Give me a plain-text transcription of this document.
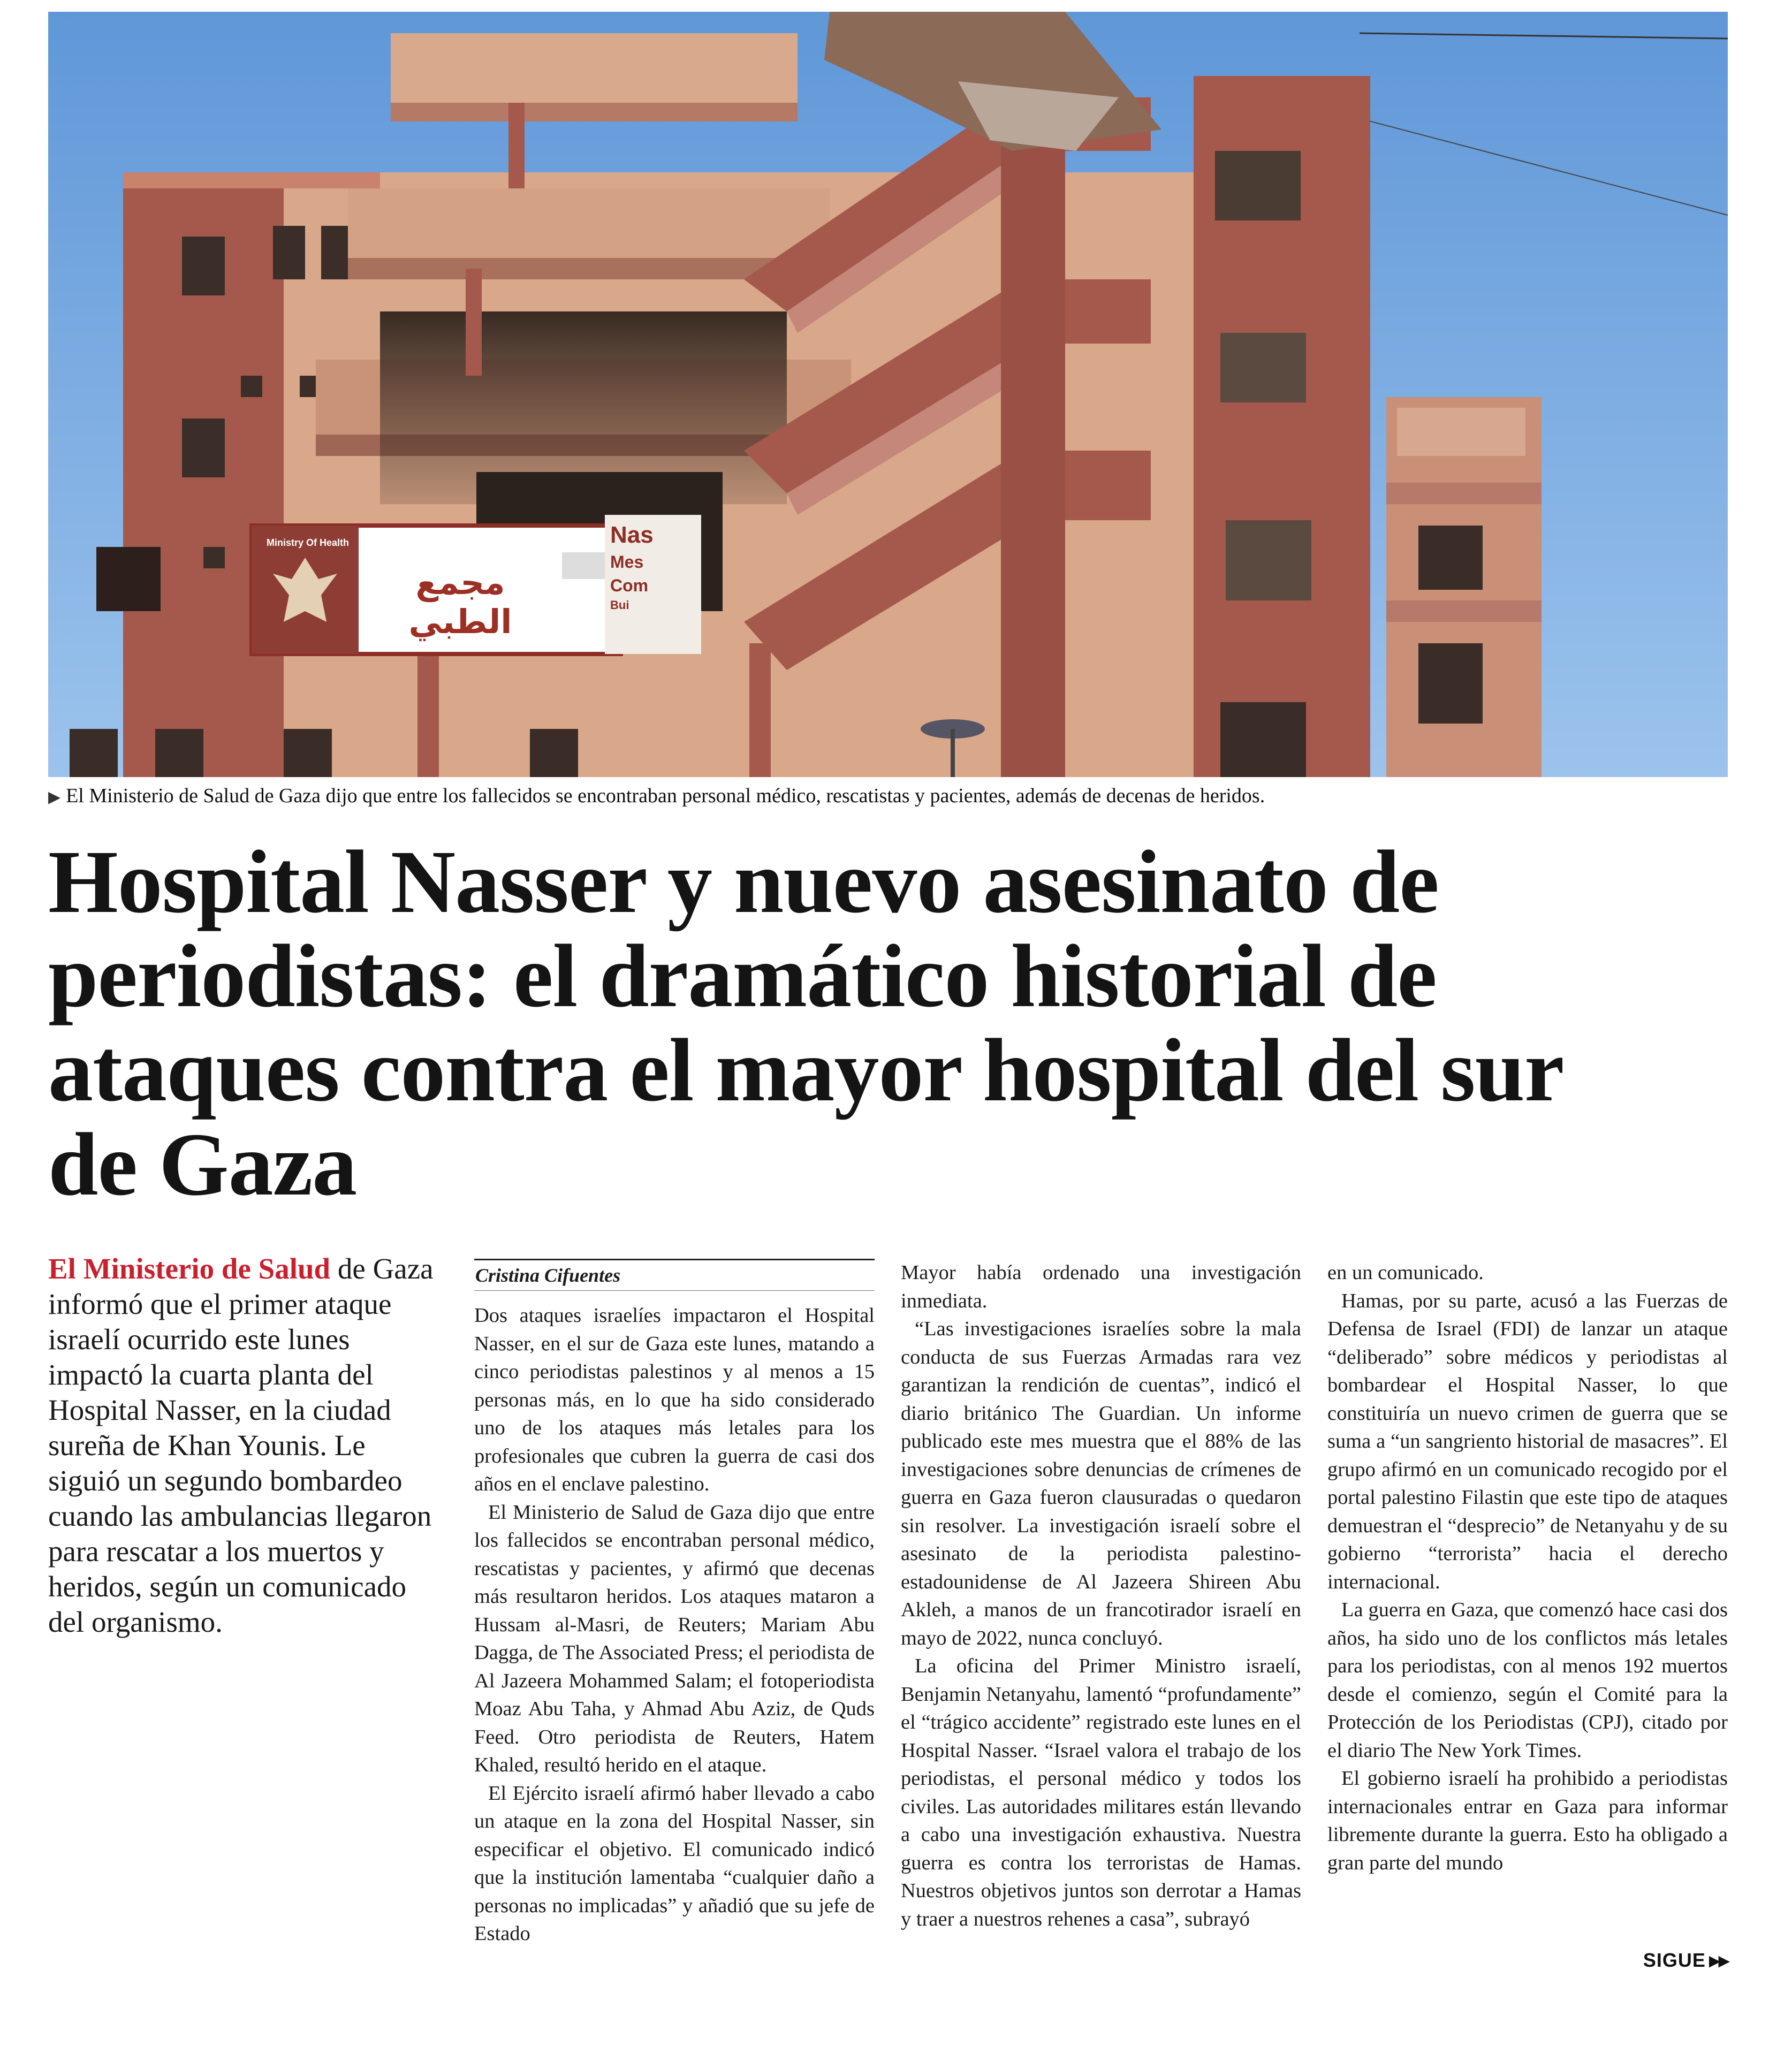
Ministry Of Health
مجمع الطبي
Nas
Mes
Com
Bui
▶ El Ministerio de Salud de Gaza dijo que entre los fallecidos se encontraban personal médico, rescatistas y pacientes, además de decenas de heridos.
Hospital Nasser y nuevo asesinato de periodistas: el dramático historial de ataques contra el mayor hospital del sur de Gaza

El Ministerio de Salud de Gaza informó que el primer ataque israelí ocurrido este lunes impactó la cuarta planta del Hospital Nasser, en la ciudad sureña de Khan Younis. Le siguió un segundo bombardeo cuando las ambulancias llegaron para rescatar a los muertos y heridos, según un comunicado del organismo.

Cristina Cifuentes

Dos ataques israelíes impactaron el Hospital Nasser, en el sur de Gaza este lunes, matando a cinco periodistas palestinos y al menos a 15 personas más, en lo que ha sido considerado uno de los ataques más letales para los profesionales que cubren la guerra de casi dos años en el enclave palestino.

El Ministerio de Salud de Gaza dijo que entre los fallecidos se encontraban personal médico, rescatistas y pacientes, y afirmó que decenas más resultaron heridos. Los ataques mataron a Hussam al-Masri, de Reuters; Mariam Abu Dagga, de The Associated Press; el periodista de Al Jazeera Mohammed Salam; el fotoperiodista Moaz Abu Taha, y Ahmad Abu Aziz, de Quds Feed. Otro periodista de Reuters, Hatem Khaled, resultó herido en el ataque.

El Ejército israelí afirmó haber llevado a cabo un ataque en la zona del Hospital Nasser, sin especificar el objetivo. El comunicado indicó que la institución lamentaba “cualquier daño a personas no implicadas” y añadió que su jefe de Estado

Mayor había ordenado una investigación inmediata.

“Las investigaciones israelíes sobre la mala conducta de sus Fuerzas Armadas rara vez garantizan la rendición de cuentas”, indicó el diario británico The Guardian. Un informe publicado este mes muestra que el 88% de las investigaciones sobre denuncias de crímenes de guerra en Gaza fueron clausuradas o quedaron sin resolver. La investigación israelí sobre el asesinato de la periodista palestino-estadounidense de Al Jazeera Shireen Abu Akleh, a manos de un francotirador israelí en mayo de 2022, nunca concluyó.

La oficina del Primer Ministro israelí, Benjamin Netanyahu, lamentó “profundamente” el “trágico accidente” registrado este lunes en el Hospital Nasser. “Israel valora el trabajo de los periodistas, el personal médico y todos los civiles. Las autoridades militares están llevando a cabo una investigación exhaustiva. Nuestra guerra es contra los terroristas de Hamas. Nuestros objetivos juntos son derrotar a Hamas y traer a nuestros rehenes a casa”, subrayó

en un comunicado.

Hamas, por su parte, acusó a las Fuerzas de Defensa de Israel (FDI) de lanzar un ataque “deliberado” sobre médicos y periodistas al bombardear el Hospital Nasser, lo que constituiría un nuevo crimen de guerra que se suma a “un sangriento historial de masacres”. El grupo afirmó en un comunicado recogido por el portal palestino Filastin que este tipo de ataques demuestran el “desprecio” de Netanyahu y de su gobierno “terrorista” hacia el derecho internacional.

La guerra en Gaza, que comenzó hace casi dos años, ha sido uno de los conflictos más letales para los periodistas, con al menos 192 muertos desde el comienzo, según el Comité para la Protección de los Periodistas (CPJ), citado por el diario The New York Times.

El gobierno israelí ha prohibido a periodistas internacionales entrar en Gaza para informar libremente durante la guerra. Esto ha obligado a gran parte del mundo

SIGUE ▶▶
